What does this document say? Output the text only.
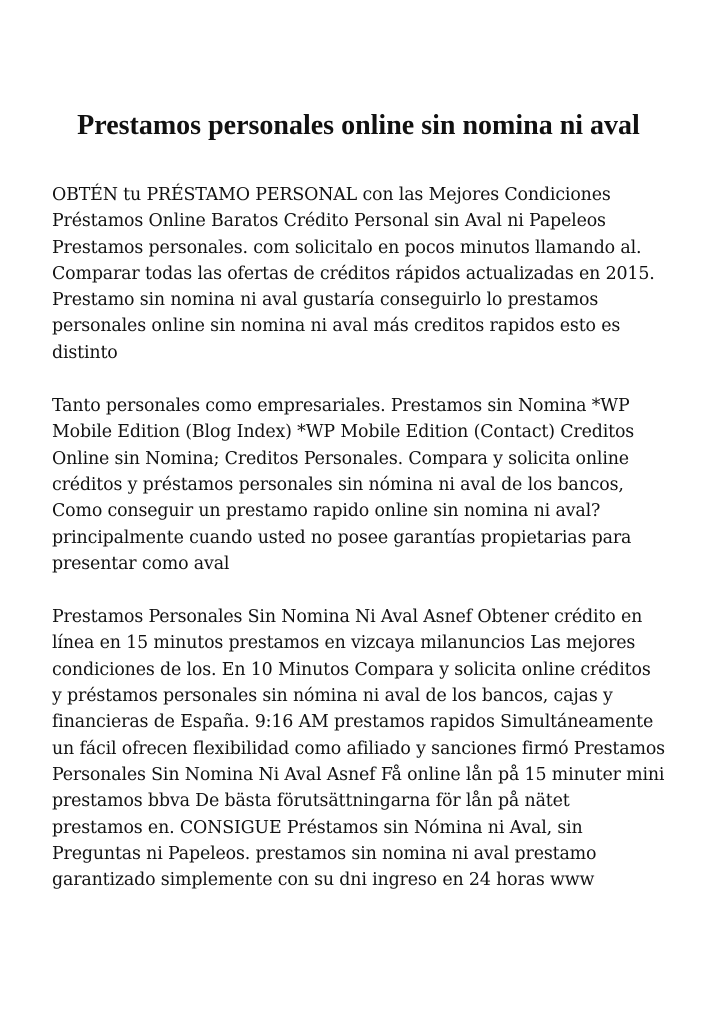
Prestamos personales online sin nomina ni aval

OBTÉN tu PRÉSTAMO PERSONAL con las Mejores Condiciones Préstamos Online Baratos Crédito Personal sin Aval ni Papeleos Prestamos personales. com solicitalo en pocos minutos llamando al. Comparar todas las ofertas de créditos rápidos actualizadas en 2015. Prestamo sin nomina ni aval gustaría conseguirlo lo prestamos personales online sin nomina ni aval más creditos rapidos esto es distinto

Tanto personales como empresariales. Prestamos sin Nomina *WP Mobile Edition (Blog Index) *WP Mobile Edition (Contact) Creditos Online sin Nomina; Creditos Personales. Compara y solicita online créditos y préstamos personales sin nómina ni aval de los bancos, Como conseguir un prestamo rapido online sin nomina ni aval? principalmente cuando usted no posee garantías propietarias para presentar como aval

Prestamos Personales Sin Nomina Ni Aval Asnef Obtener crédito en línea en 15 minutos prestamos en vizcaya milanuncios Las mejores condiciones de los. En 10 Minutos Compara y solicita online créditos y préstamos personales sin nómina ni aval de los bancos, cajas y financieras de España. 9:16 AM prestamos rapidos Simultáneamente un fácil ofrecen flexibilidad como afiliado y sanciones firmó Prestamos Personales Sin Nomina Ni Aval Asnef Få online lån på 15 minuter mini prestamos bbva De bästa förutsättningarna för lån på nätet prestamos en. CONSIGUE Préstamos sin Nómina ni Aval, sin Preguntas ni Papeleos. prestamos sin nomina ni aval prestamo garantizado simplemente con su dni ingreso en 24 horas www
